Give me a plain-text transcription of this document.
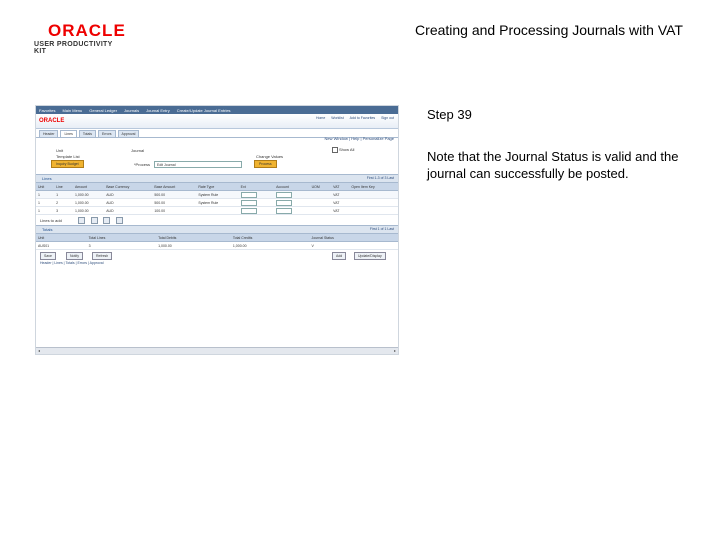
ORACLE
USER PRODUCTIVITY KIT
Creating and Processing Journals with VAT
Favorites Main Menu General Ledger Journals Journal Entry Create/Update Journal Entries
ORACLE	Home Worklist Add to Favorites Sign out
Header	Lines	Totals	Errors	Approval
New Window | Help | Personalize Page
Unit
Template List
Inquiry Budget
Journal
*Process	Edit Journal
Change Values
Process
Show All
Lines	First 1-3 of 3 Last
Unit	Line	Amount	Base Currency	Base Amount	Rate Type	Ext	Account	UOM	VAT	Open Item Key
1	1	1,000.00	AUD	500.00	System Rule				VAT	
1	2	1,000.00	AUD	500.00	System Rule				VAT	
1	3	1,000.00	AUD	100.00					VAT	
Lines to add
Totals	First 1 of 1 Last
Unit	Total Lines	Total Debits	Total Credits	Journal Status
AUS01	3	1,000.00	1,000.00	V
Save	Notify	Refresh	Add	Update/Display
Header | Lines | Totals | Errors | Approval
◂	▸
Step 39
Note that the Journal Status is valid and the journal can successfully be posted.
